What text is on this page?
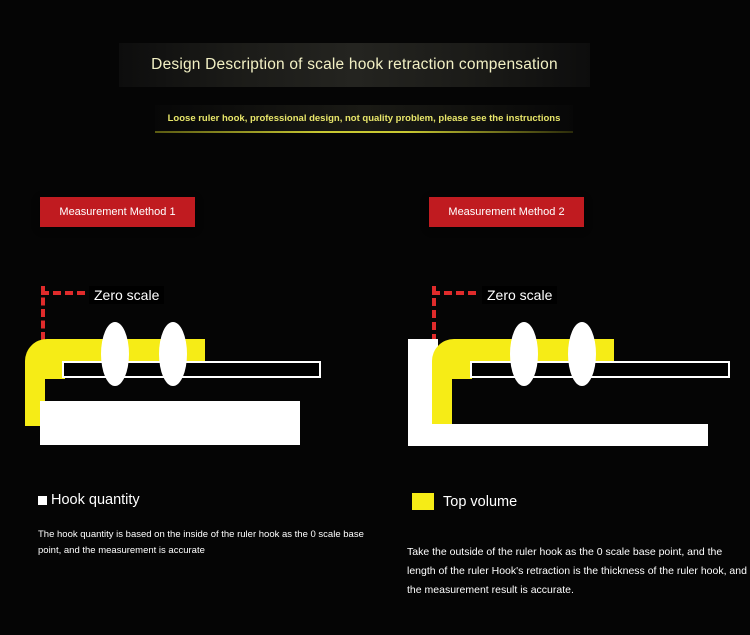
Design Description of scale hook retraction compensation
Loose ruler hook, professional design, not quality problem, please see the instructions
Measurement Method 1	Measurement Method 2
Zero scale
Hook quantity
The hook quantity is based on the inside of the ruler hook as the 0 scale base point, and the measurement is accurate
Zero scale
Top volume
Take the outside of the ruler hook as the 0 scale base point, and the length of the ruler Hook's retraction is the thickness of the ruler hook, and the measurement result is accurate.
